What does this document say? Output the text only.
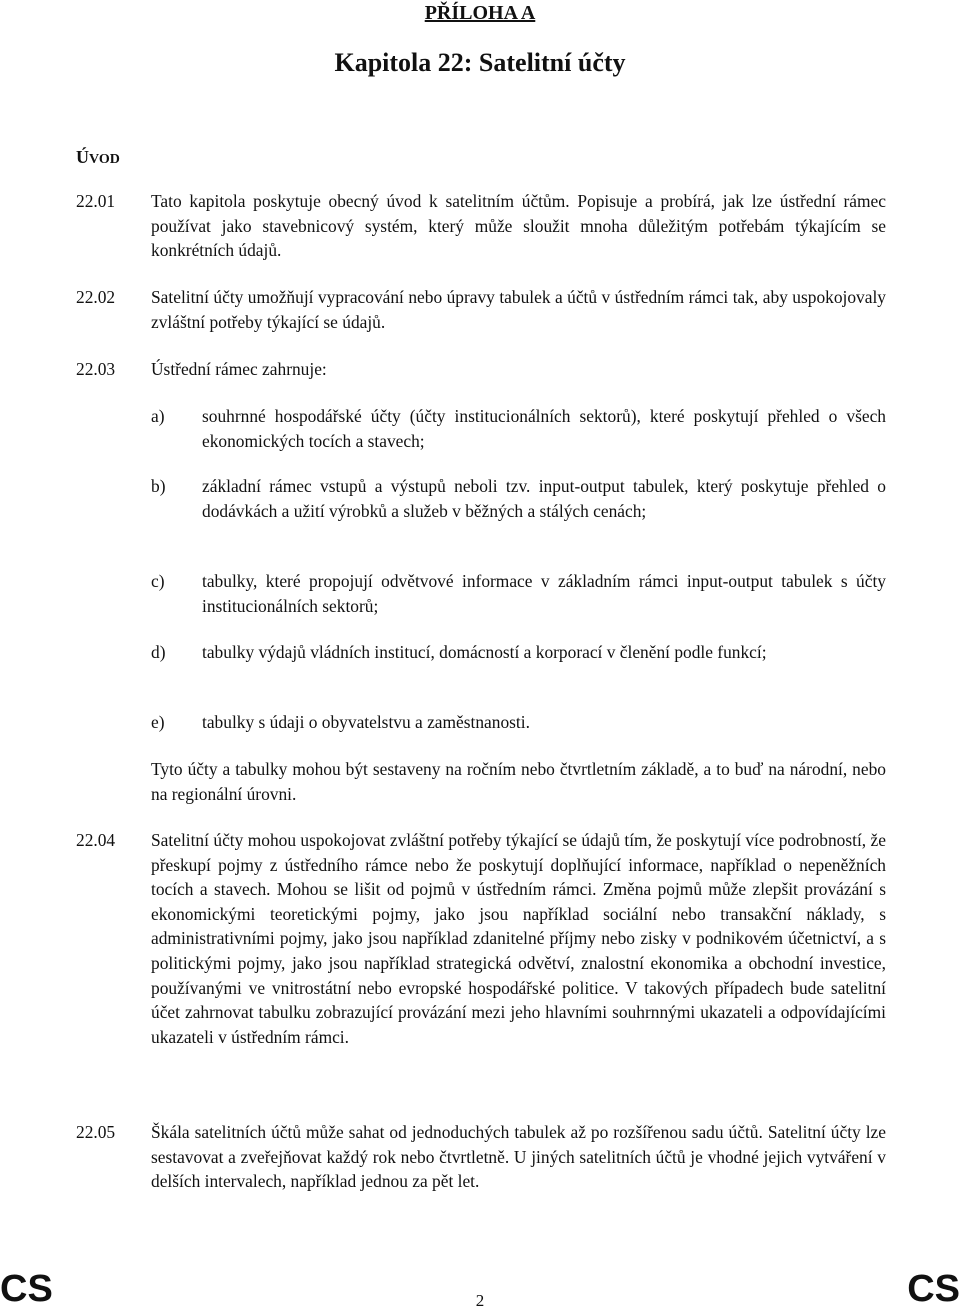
PŘÍLOHA A
Kapitola 22: Satelitní účty
ÚVOD
22.01 Tato kapitola poskytuje obecný úvod k satelitním účtům. Popisuje a probírá, jak lze ústřední rámec používat jako stavebnicový systém, který může sloužit mnoha důležitým potřebám týkajícím se konkrétních údajů.
22.02 Satelitní účty umožňují vypracování nebo úpravy tabulek a účtů v ústředním rámci tak, aby uspokojovaly zvláštní potřeby týkající se údajů.
22.03 Ústřední rámec zahrnuje:
a) souhrnné hospodářské účty (účty institucionálních sektorů), které poskytují přehled o všech ekonomických tocích a stavech;
b) základní rámec vstupů a výstupů neboli tzv. input-output tabulek, který poskytuje přehled o dodávkách a užití výrobků a služeb v běžných a stálých cenách;
c) tabulky, které propojují odvětvové informace v základním rámci input-output tabulek s účty institucionálních sektorů;
d) tabulky výdajů vládních institucí, domácností a korporací v členění podle funkcí;
e) tabulky s údaji o obyvatelstvu a zaměstnanosti.
Tyto účty a tabulky mohou být sestaveny na ročním nebo čtvrtletním základě, a to buď na národní, nebo na regionální úrovni.
22.04 Satelitní účty mohou uspokojovat zvláštní potřeby týkající se údajů tím, že poskytují více podrobností, že přeskupí pojmy z ústředního rámce nebo že poskytují doplňující informace, například o nepeněžních tocích a stavech. Mohou se lišit od pojmů v ústředním rámci. Změna pojmů může zlepšit provázání s ekonomickými teoretickými pojmy, jako jsou například sociální nebo transakční náklady, s administrativními pojmy, jako jsou například zdanitelné příjmy nebo zisky v podnikovém účetnictví, a s politickými pojmy, jako jsou například strategická odvětví, znalostní ekonomika a obchodní investice, používanými ve vnitrostátní nebo evropské hospodářské politice. V takových případech bude satelitní účet zahrnovat tabulku zobrazující provázání mezi jeho hlavními souhrnnými ukazateli a odpovídajícími ukazateli v ústředním rámci.
22.05 Škála satelitních účtů může sahat od jednoduchých tabulek až po rozšířenou sadu účtů. Satelitní účty lze sestavovat a zveřejňovat každý rok nebo čtvrtletně. U jiných satelitních účtů je vhodné jejich vytváření v delších intervalech, například jednou za pět let.
CS	2	CS
